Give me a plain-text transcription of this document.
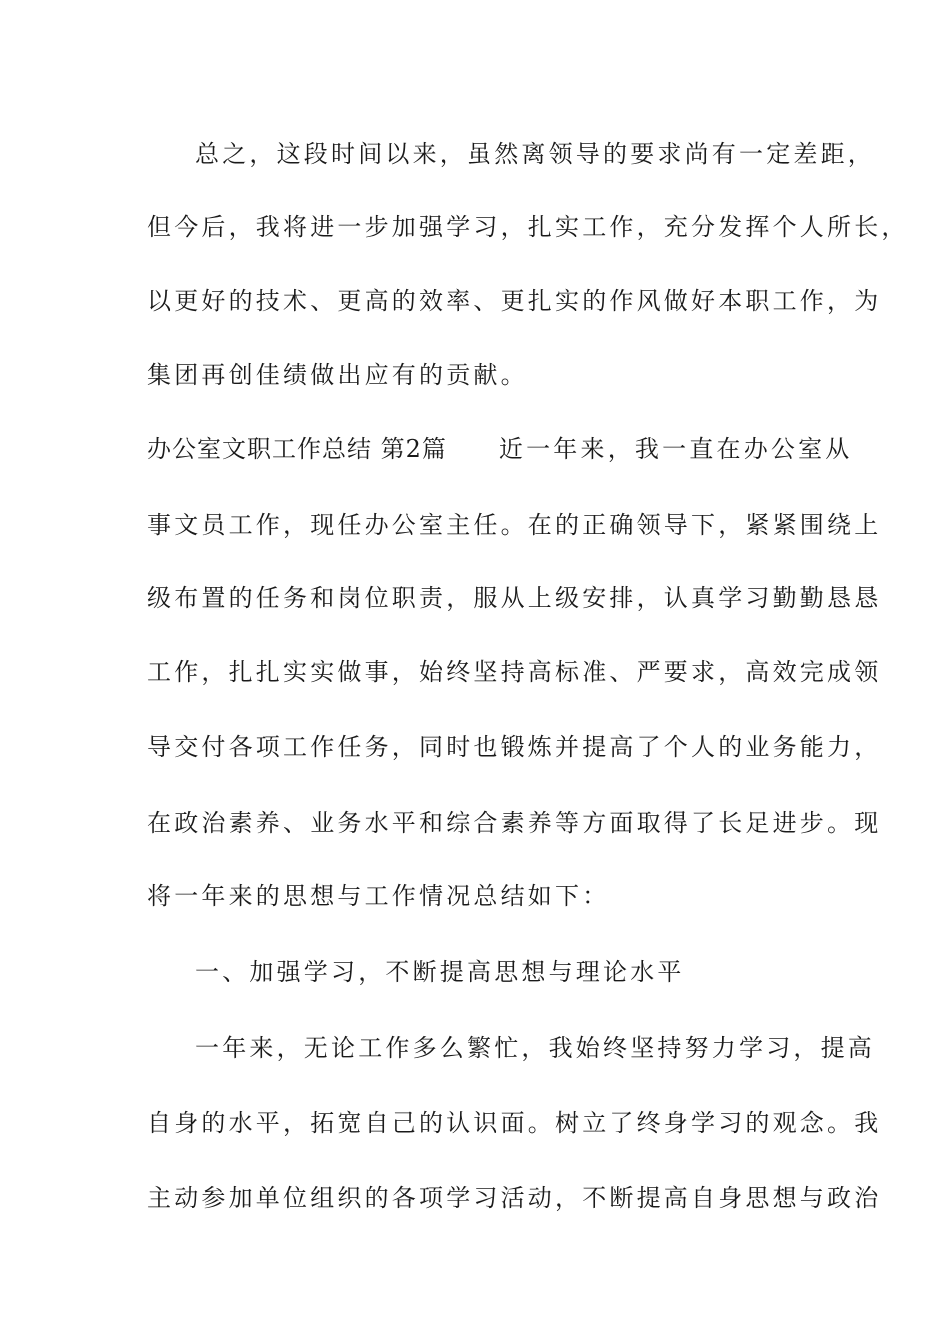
总之，这段时间以来，虽然离领导的要求尚有一定差距，
但今后，我将进一步加强学习，扎实工作，充分发挥个人所长，
以更好的技术、更高的效率、更扎实的作风做好本职工作，为
集团再创佳绩做出应有的贡献。
办公室文职工作总结 第2篇 近一年来，我一直在办公室从
事文员工作，现任办公室主任。在的正确领导下，紧紧围绕上
级布置的任务和岗位职责，服从上级安排，认真学习勤勤恳恳
工作，扎扎实实做事，始终坚持高标准、严要求，高效完成领
导交付各项工作任务，同时也锻炼并提高了个人的业务能力，
在政治素养、业务水平和综合素养等方面取得了长足进步。现
将一年来的思想与工作情况总结如下：
一、加强学习，不断提高思想与理论水平
一年来，无论工作多么繁忙，我始终坚持努力学习，提高
自身的水平，拓宽自己的认识面。树立了终身学习的观念。我
主动参加单位组织的各项学习活动，不断提高自身思想与政治
